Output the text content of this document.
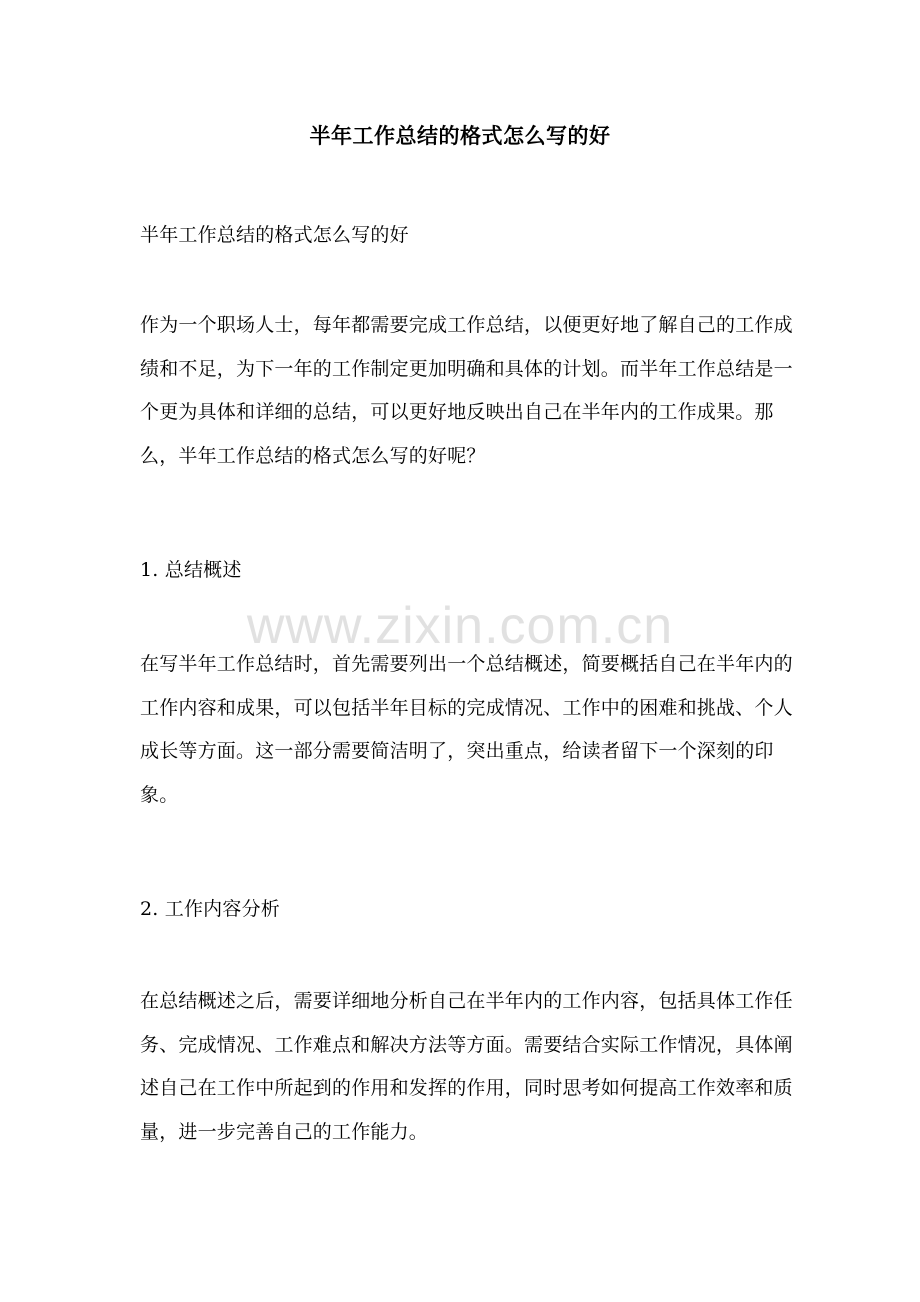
半年工作总结的格式怎么写的好
半年工作总结的格式怎么写的好
作为一个职场人士，每年都需要完成工作总结，以便更好地了解自己的工作成绩和不足，为下一年的工作制定更加明确和具体的计划。而半年工作总结是一个更为具体和详细的总结，可以更好地反映出自己在半年内的工作成果。那么，半年工作总结的格式怎么写的好呢？
1. 总结概述
在写半年工作总结时，首先需要列出一个总结概述，简要概括自己在半年内的工作内容和成果，可以包括半年目标的完成情况、工作中的困难和挑战、个人成长等方面。这一部分需要简洁明了，突出重点，给读者留下一个深刻的印象。
2. 工作内容分析
在总结概述之后，需要详细地分析自己在半年内的工作内容，包括具体工作任务、完成情况、工作难点和解决方法等方面。需要结合实际工作情况，具体阐述自己在工作中所起到的作用和发挥的作用，同时思考如何提高工作效率和质量，进一步完善自己的工作能力。
www.zixin.com.cn
